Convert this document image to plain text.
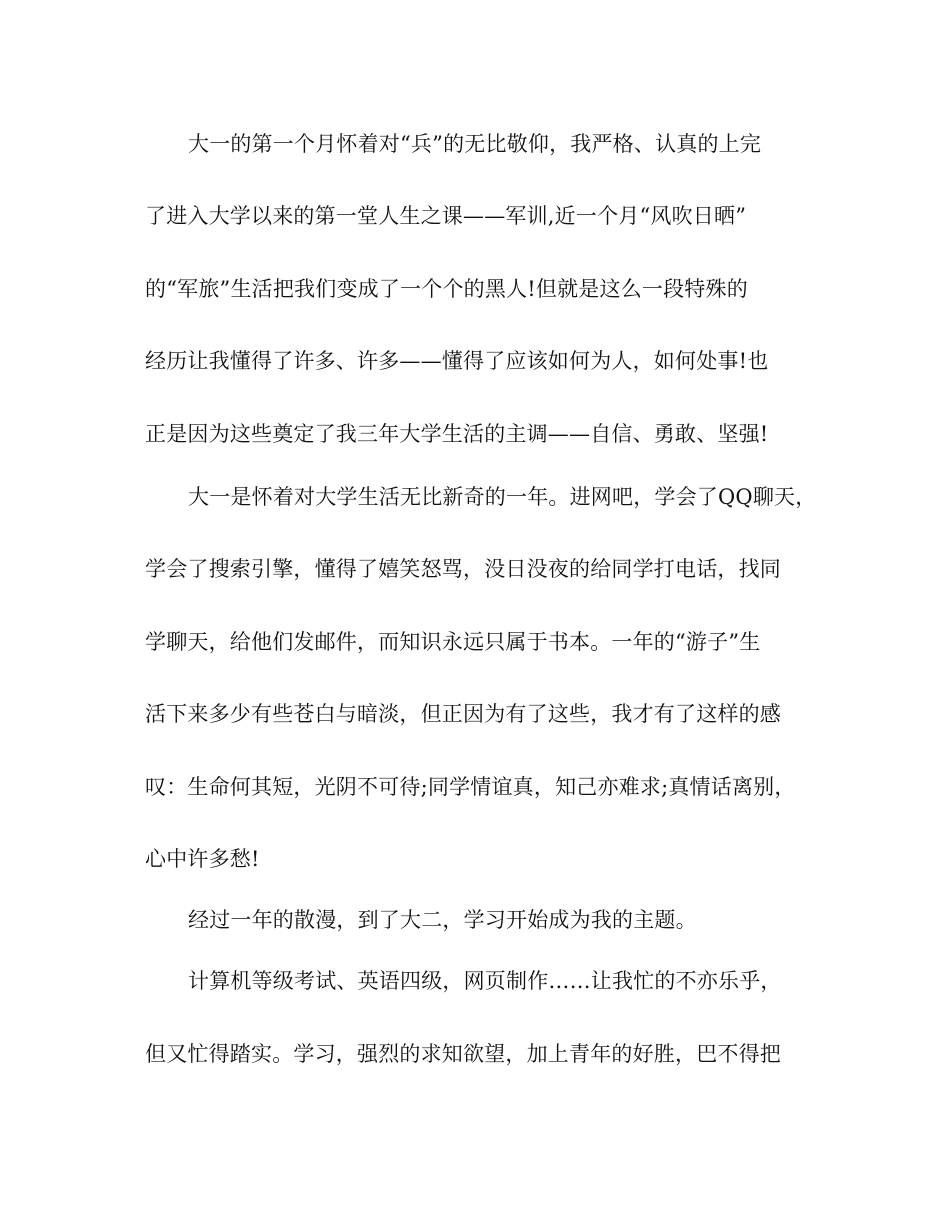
大一的第一个月怀着对“兵”的无比敬仰，我严格、认真的上完
了进入大学以来的第一堂人生之课——军训,近一个月“风吹日晒”
的“军旅”生活把我们变成了一个个的黑人!但就是这么一段特殊的
经历让我懂得了许多、许多——懂得了应该如何为人，如何处事!也
正是因为这些奠定了我三年大学生活的主调——自信、勇敢、坚强!
大一是怀着对大学生活无比新奇的一年。进网吧，学会了QQ聊天，
学会了搜索引擎，懂得了嬉笑怒骂，没日没夜的给同学打电话，找同
学聊天，给他们发邮件，而知识永远只属于书本。一年的“游子”生
活下来多少有些苍白与暗淡，但正因为有了这些，我才有了这样的感
叹：生命何其短，光阴不可待;同学情谊真，知己亦难求;真情话离别，
心中许多愁!
经过一年的散漫，到了大二，学习开始成为我的主题。
计算机等级考试、英语四级，网页制作……让我忙的不亦乐乎，
但又忙得踏实。学习，强烈的求知欲望，加上青年的好胜，巴不得把
